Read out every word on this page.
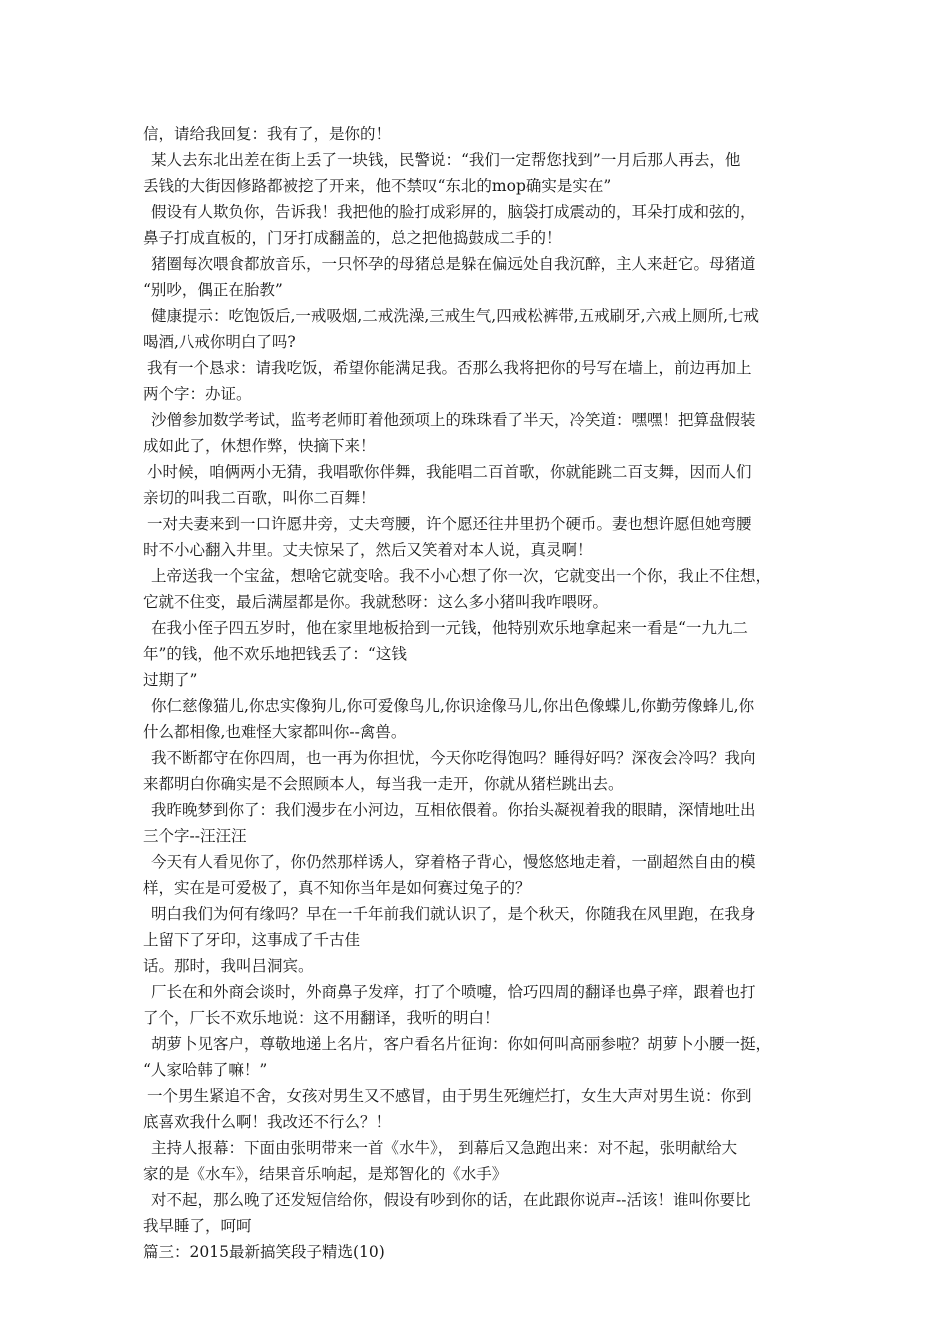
信，请给我回复：我有了，是你的！
某人去东北出差在街上丢了一块钱，民警说：“我们一定帮您找到”一月后那人再去，他
丢钱的大街因修路都被挖了开来，他不禁叹“东北的mop确实是实在”
假设有人欺负你，告诉我！我把他的脸打成彩屏的，脑袋打成震动的，耳朵打成和弦的，
鼻子打成直板的，门牙打成翻盖的，总之把他捣鼓成二手的！
猪圈每次喂食都放音乐，一只怀孕的母猪总是躲在偏远处自我沉醉，主人来赶它。母猪道
“别吵，偶正在胎教”
健康提示：吃饱饭后,一戒吸烟,二戒洗澡,三戒生气,四戒松裤带,五戒刷牙,六戒上厕所,七戒
喝酒,八戒你明白了吗?
我有一个恳求：请我吃饭，希望你能满足我。否那么我将把你的号写在墙上，前边再加上
两个字：办证。
沙僧参加数学考试，监考老师盯着他颈项上的珠珠看了半天，冷笑道：嘿嘿！把算盘假装
成如此了，休想作弊，快摘下来！
小时候，咱俩两小无猜，我唱歌你伴舞，我能唱二百首歌，你就能跳二百支舞，因而人们
亲切的叫我二百歌，叫你二百舞！
一对夫妻来到一口许愿井旁，丈夫弯腰，许个愿还往井里扔个硬币。妻也想许愿但她弯腰
时不小心翻入井里。丈夫惊呆了，然后又笑着对本人说，真灵啊！
上帝送我一个宝盆，想啥它就变啥。我不小心想了你一次，它就变出一个你，我止不住想，
它就不住变，最后满屋都是你。我就愁呀：这么多小猪叫我咋喂呀。
在我小侄子四五岁时，他在家里地板拾到一元钱，他特别欢乐地拿起来一看是“一九九二
年”的钱，他不欢乐地把钱丢了：“这钱
过期了”
你仁慈像猫儿,你忠实像狗儿,你可爱像鸟儿,你识途像马儿,你出色像蝶儿,你勤劳像蜂儿,你
什么都相像,也难怪大家都叫你--禽兽。
我不断都守在你四周，也一再为你担忧，今天你吃得饱吗？睡得好吗？深夜会冷吗？我向
来都明白你确实是不会照顾本人，每当我一走开，你就从猪栏跳出去。
我昨晚梦到你了：我们漫步在小河边，互相依偎着。你抬头凝视着我的眼睛，深情地吐出
三个字--汪汪汪
今天有人看见你了，你仍然那样诱人，穿着格子背心，慢悠悠地走着，一副超然自由的模
样，实在是可爱极了，真不知你当年是如何赛过兔子的？
明白我们为何有缘吗？早在一千年前我们就认识了，是个秋天，你随我在风里跑，在我身
上留下了牙印，这事成了千古佳
话。那时，我叫吕洞宾。
厂长在和外商会谈时，外商鼻子发痒，打了个喷嚏，恰巧四周的翻译也鼻子痒，跟着也打
了个，厂长不欢乐地说：这不用翻译，我听的明白！
胡萝卜见客户，尊敬地递上名片，客户看名片征询：你如何叫高丽参啦？胡萝卜小腰一挺，
“人家哈韩了嘛！”
一个男生紧追不舍，女孩对男生又不感冒，由于男生死缠烂打，女生大声对男生说：你到
底喜欢我什么啊！我改还不行么？！
主持人报幕：下面由张明带来一首《水牛》， 到幕后又急跑出来：对不起，张明献给大
家的是《水车》，结果音乐响起，是郑智化的《水手》
对不起，那么晚了还发短信给你，假设有吵到你的话，在此跟你说声--活该！谁叫你要比
我早睡了，呵呵
篇三：2015最新搞笑段子精选(10)
